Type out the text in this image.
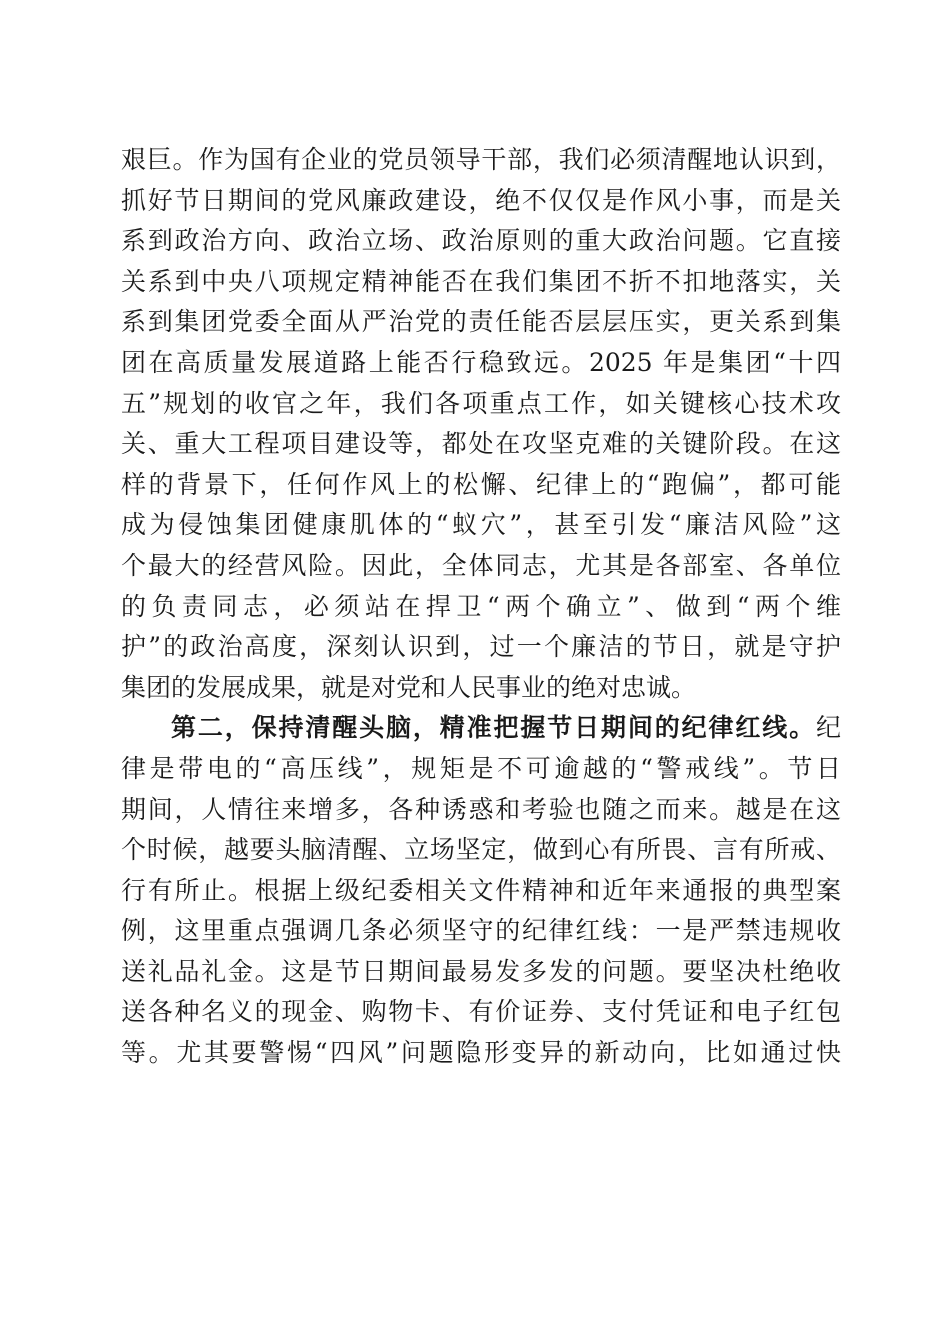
艰巨。作为国有企业的党员领导干部，我们必须清醒地认识到，
抓好节日期间的党风廉政建设，绝不仅仅是作风小事，而是关
系到政治方向、政治立场、政治原则的重大政治问题。它直接
关系到中央八项规定精神能否在我们集团不折不扣地落实，关
系到集团党委全面从严治党的责任能否层层压实，更关系到集
团在高质量发展道路上能否行稳致远。2025 年是集团“十四
五”规划的收官之年，我们各项重点工作，如关键核心技术攻
关、重大工程项目建设等，都处在攻坚克难的关键阶段。在这
样的背景下，任何作风上的松懈、纪律上的“跑偏”，都可能
成为侵蚀集团健康肌体的“蚁穴”，甚至引发“廉洁风险”这
个最大的经营风险。因此，全体同志，尤其是各部室、各单位
的负责同志，必须站在捍卫“两个确立”、做到“两个维
护”的政治高度，深刻认识到，过一个廉洁的节日，就是守护
集团的发展成果，就是对党和人民事业的绝对忠诚。
第二，保持清醒头脑，精准把握节日期间的纪律红线。纪
律是带电的“高压线”，规矩是不可逾越的“警戒线”。节日
期间，人情往来增多，各种诱惑和考验也随之而来。越是在这
个时候，越要头脑清醒、立场坚定，做到心有所畏、言有所戒、
行有所止。根据上级纪委相关文件精神和近年来通报的典型案
例，这里重点强调几条必须坚守的纪律红线：一是严禁违规收
送礼品礼金。这是节日期间最易发多发的问题。要坚决杜绝收
送各种名义的现金、购物卡、有价证券、支付凭证和电子红包
等。尤其要警惕“四风”问题隐形变异的新动向，比如通过快
